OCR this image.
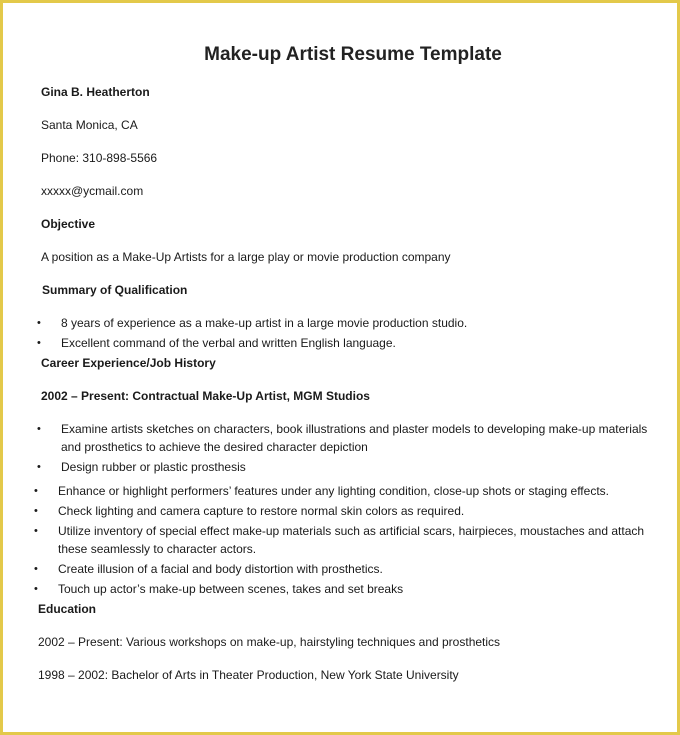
Make-up Artist Resume Template
Gina B. Heatherton
Santa Monica, CA
Phone: 310-898-5566
xxxxx@ycmail.com
Objective
A position as a Make-Up Artists for a large play or movie production company
Summary of Qualification
•	8 years of experience as a make-up artist in a large movie production studio.
•	Excellent command of the verbal and written English language.
Career Experience/Job History
2002 – Present: Contractual Make-Up Artist, MGM Studios
•	Examine artists sketches on characters, book illustrations and plaster models to developing make-up materials and prosthetics to achieve the desired character depiction
•	Design rubber or plastic prosthesis
•	Enhance or highlight performers’ features under any lighting condition, close-up shots or staging effects.
•	Check lighting and camera capture to restore normal skin colors as required.
•	Utilize inventory of special effect make-up materials such as artificial scars, hairpieces, moustaches and attach these seamlessly to character actors.
•	Create illusion of a facial and body distortion with prosthetics.
•	Touch up actor’s make-up between scenes, takes and set breaks
Education
2002 – Present: Various workshops on make-up, hairstyling techniques and prosthetics
1998 – 2002: Bachelor of Arts in Theater Production, New York State University
